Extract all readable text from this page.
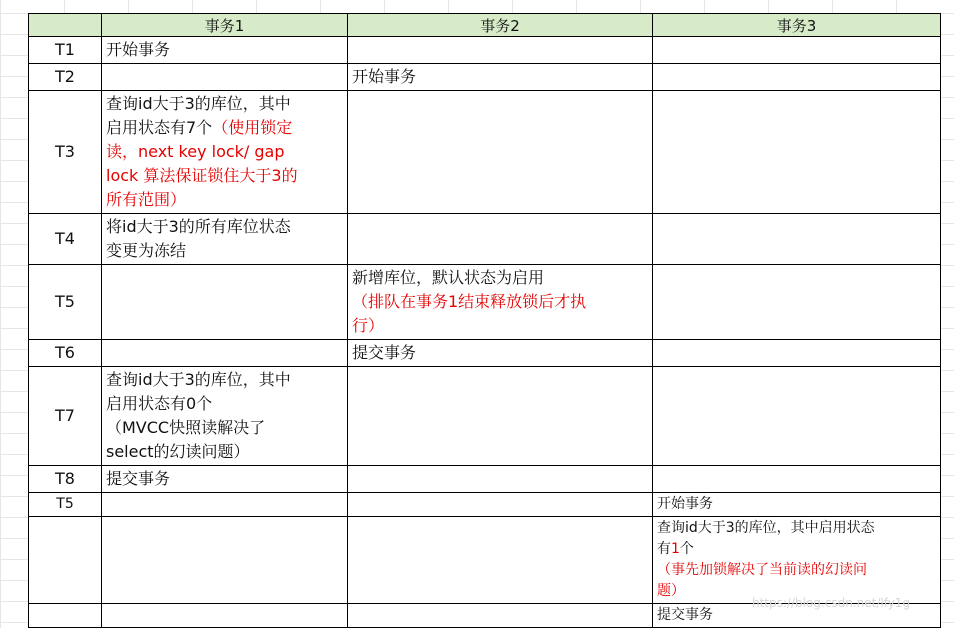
	事务1	事务2	事务3
T1	开始事务		
T2		开始事务	
T3	查询id大于3的库位，其中
启用状态有7个（使用锁定
读，next key lock/ gap
lock 算法保证锁住大于3的
所有范围）		
T4	将id大于3的所有库位状态
变更为冻结		
T5		新增库位，默认状态为启用
（排队在事务1结束释放锁后才执
行）	
T6		提交事务	
T7	查询id大于3的库位，其中
启用状态有0个
（MVCC快照读解决了
select的幻读问题）		
T8	提交事务		
T5			开始事务
			查询id大于3的库位，其中启用状态
有1个
（事先加锁解决了当前读的幻读问
题）
			提交事务
https://blog.csdn.net/lfy1g
